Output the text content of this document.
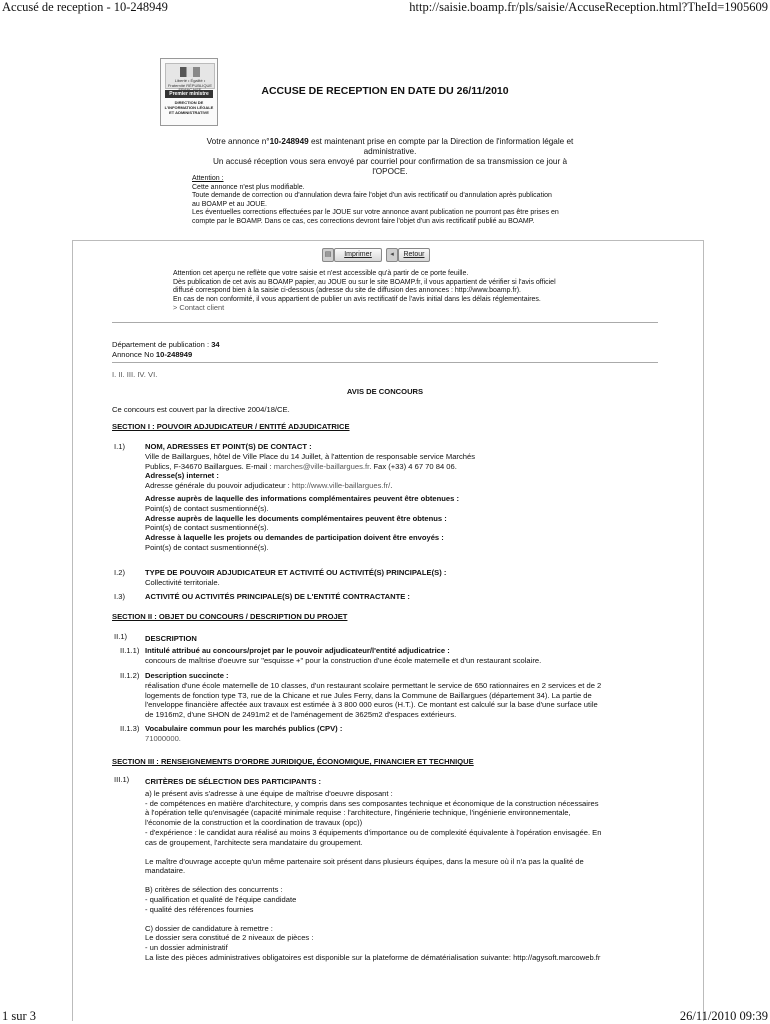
Accusé de reception - 10-248949	http://saisie.boamp.fr/pls/saisie/AccuseReception.html?TheId=1905609
Liberté • Égalité • Fraternité RÉPUBLIQUE
Premier ministre
DIRECTION DE L'INFORMATION LÉGALE ET ADMINISTRATIVE
ACCUSE DE RECEPTION EN DATE DU 26/11/2010
Votre annonce n°10-248949 est maintenant prise en compte par la Direction de l'information légale et
administrative.
Un accusé réception vous sera envoyé par courriel pour confirmation de sa transmission ce jour à
l'OPOCE.
Attention :
Cette annonce n'est plus modifiable.
Toute demande de correction ou d'annulation devra faire l'objet d'un avis rectificatif ou d'annulation après publication
au BOAMP et au JOUE.
Les éventuelles corrections effectuées par le JOUE sur votre annonce avant publication ne pourront pas être prises en
compte par le BOAMP. Dans ce cas, ces corrections devront faire l'objet d'un avis rectificatif publié au BOAMP.
▤	Imprimer	◂	Retour
Attention cet aperçu ne reflète que votre saisie et n'est accessible qu'à partir de ce porte feuille.
Dès publication de cet avis au BOAMP papier, au JOUE ou sur le site BOAMP.fr, il vous appartient de vérifier si l'avis officiel
diffusé correspond bien à la saisie ci-dessous (adresse du site de diffusion des annonces : http://www.boamp.fr).
En cas de non conformité, il vous appartient de publier un avis rectificatif de l'avis initial dans les délais réglementaires.
> Contact client
Département de publication : 34
Annonce No 10-248949
I. II. III. IV. VI.
AVIS DE CONCOURS
Ce concours est couvert par la directive 2004/18/CE.
SECTION I : POUVOIR ADJUDICATEUR / ENTITÉ ADJUDICATRICE
I.1)	NOM, ADRESSES ET POINT(S) DE CONTACT :
Ville de Baillargues, hôtel de Ville Place du 14 Juillet, à l'attention de responsable service Marchés
Publics, F-34670 Baillargues. E-mail : marches@ville-baillargues.fr. Fax (+33) 4 67 70 84 06.
Adresse(s) internet :
Adresse générale du pouvoir adjudicateur : http://www.ville-baillargues.fr/.
Adresse auprès de laquelle des informations complémentaires peuvent être obtenues :
Point(s) de contact susmentionné(s).
Adresse auprès de laquelle les documents complémentaires peuvent être obtenus :
Point(s) de contact susmentionné(s).
Adresse à laquelle les projets ou demandes de participation doivent être envoyés :
Point(s) de contact susmentionné(s).
I.2)	TYPE DE POUVOIR ADJUDICATEUR ET ACTIVITÉ OU ACTIVITÉ(S) PRINCIPALE(S) :
Collectivité territoriale.
I.3)	ACTIVITÉ OU ACTIVITÉS PRINCIPALE(S) DE L'ENTITÉ CONTRACTANTE :
SECTION II : OBJET DU CONCOURS / DESCRIPTION DU PROJET
II.1) DESCRIPTION
II.1.1) Intitulé attribué au concours/projet par le pouvoir adjudicateur/l'entité adjudicatrice :
concours de maîtrise d'oeuvre sur "esquisse +" pour la construction d'une école maternelle et d'un restaurant scolaire.
II.1.2) Description succincte :
réalisation d'une école maternelle de 10 classes, d'un restaurant scolaire permettant le service de 650 rationnaires en 2 services et de 2
logements de fonction type T3, rue de la Chicane et rue Jules Ferry, dans la Commune de Baillargues (département 34). La partie de
l'enveloppe financière affectée aux travaux est estimée à 3 800 000 euros (H.T.). Ce montant est calculé sur la base d'une surface utile
de 1916m2, d'une SHON de 2491m2 et de l'aménagement de 3625m2 d'espaces extérieurs.
II.1.3) Vocabulaire commun pour les marchés publics (CPV) :
71000000.
SECTION III : RENSEIGNEMENTS D'ORDRE JURIDIQUE, ÉCONOMIQUE, FINANCIER ET TECHNIQUE
III.1) CRITÈRES DE SÉLECTION DES PARTICIPANTS :
a) le présent avis s'adresse à une équipe de maîtrise d'oeuvre disposant :
- de compétences en matière d'architecture, y compris dans ses composantes technique et économique de la construction nécessaires
à l'opération telle qu'envisagée (capacité minimale requise : l'architecture, l'ingénierie technique, l'ingénierie environnementale,
l'économie de la construction et la coordination de travaux (opc))
- d'expérience : le candidat aura réalisé au moins 3 équipements d'importance ou de complexité équivalente à l'opération envisagée. En
cas de groupement, l'architecte sera mandataire du groupement.
Le maître d'ouvrage accepte qu'un même partenaire soit présent dans plusieurs équipes, dans la mesure où il n'a pas la qualité de
mandataire.
B) critères de sélection des concurrents :
- qualification et qualité de l'équipe candidate
- qualité des références fournies
C) dossier de candidature à remettre :
Le dossier sera constitué de 2 niveaux de pièces :
- un dossier administratif
La liste des pièces administratives obligatoires est disponible sur la plateforme de dématérialisation suivante: http://agysoft.marcoweb.fr
1 sur 3	26/11/2010 09:39
